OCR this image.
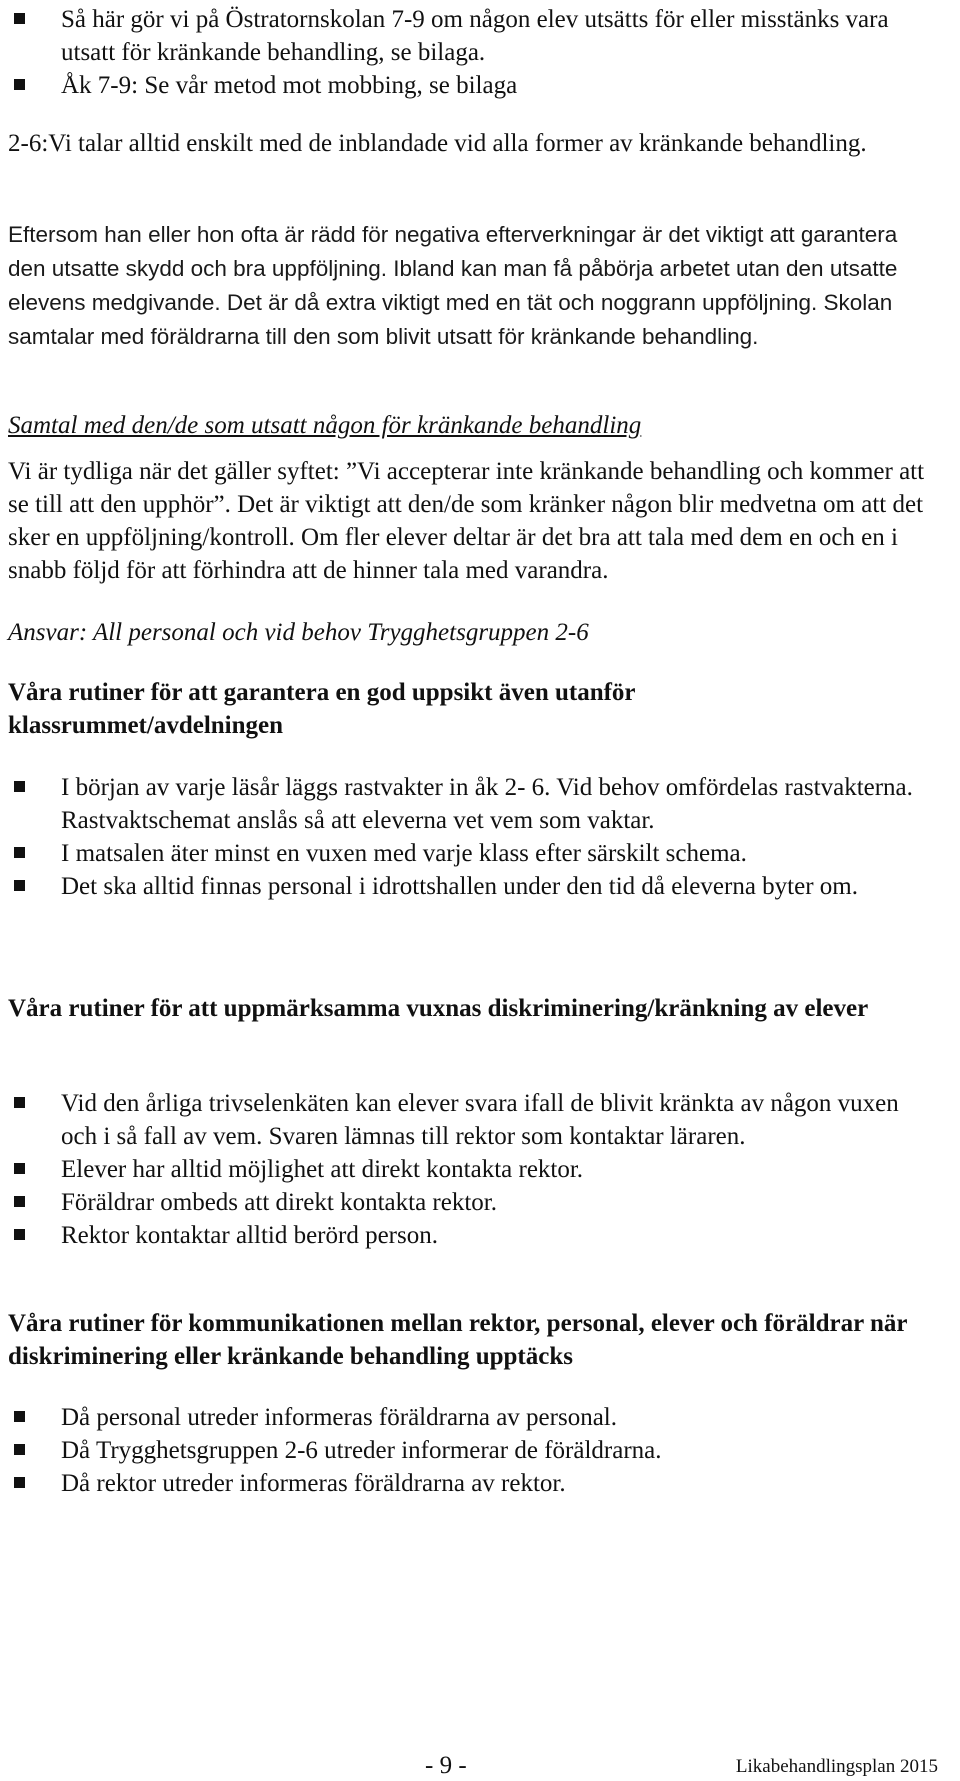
Så här gör vi på Östratornskolan 7-9 om någon elev utsätts för eller misstänks vara utsatt för kränkande behandling, se bilaga.
Åk 7-9: Se vår metod mot mobbing, se bilaga

2-6:Vi talar alltid enskilt med de inblandade vid alla former av kränkande behandling.

Eftersom han eller hon ofta är rädd för negativa efterverkningar är det viktigt att garantera den utsatte skydd och bra uppföljning. Ibland kan man få påbörja arbetet utan den utsatte elevens medgivande. Det är då extra viktigt med en tät och noggrann uppföljning. Skolan samtalar med föräldrarna till den som blivit utsatt för kränkande behandling.

Samtal med den/de som utsatt någon för kränkande behandling

Vi är tydliga när det gäller syftet: ”Vi accepterar inte kränkande behandling och kommer att se till att den upphör”. Det är viktigt att den/de som kränker någon blir medvetna om att det sker en uppföljning/kontroll. Om fler elever deltar är det bra att tala med dem en och en i snabb följd för att förhindra att de hinner tala med varandra.

Ansvar: All personal och vid behov Trygghetsgruppen 2-6

Våra rutiner för att garantera en god uppsikt även utanför klassrummet/avdelningen

I början av varje läsår läggs rastvakter in åk 2- 6. Vid behov omfördelas rastvakterna. Rastvaktschemat anslås så att eleverna vet vem som vaktar.
I matsalen äter minst en vuxen med varje klass efter särskilt schema.
Det ska alltid finnas personal i idrottshallen under den tid då eleverna byter om.

Våra rutiner för att uppmärksamma vuxnas diskriminering/kränkning av elever

Vid den årliga trivselenkäten kan elever svara ifall de blivit kränkta av någon vuxen och i så fall av vem. Svaren lämnas till rektor som kontaktar läraren.
Elever har alltid möjlighet att direkt kontakta rektor.
Föräldrar ombeds att direkt kontakta rektor.
Rektor kontaktar alltid berörd person.

Våra rutiner för kommunikationen mellan rektor, personal, elever och föräldrar när diskriminering eller kränkande behandling upptäcks

Då personal utreder informeras föräldrarna av personal.
Då Trygghetsgruppen 2-6 utreder informerar de föräldrarna.
Då rektor utreder informeras föräldrarna av rektor.
- 9 -	Likabehandlingsplan 2015
